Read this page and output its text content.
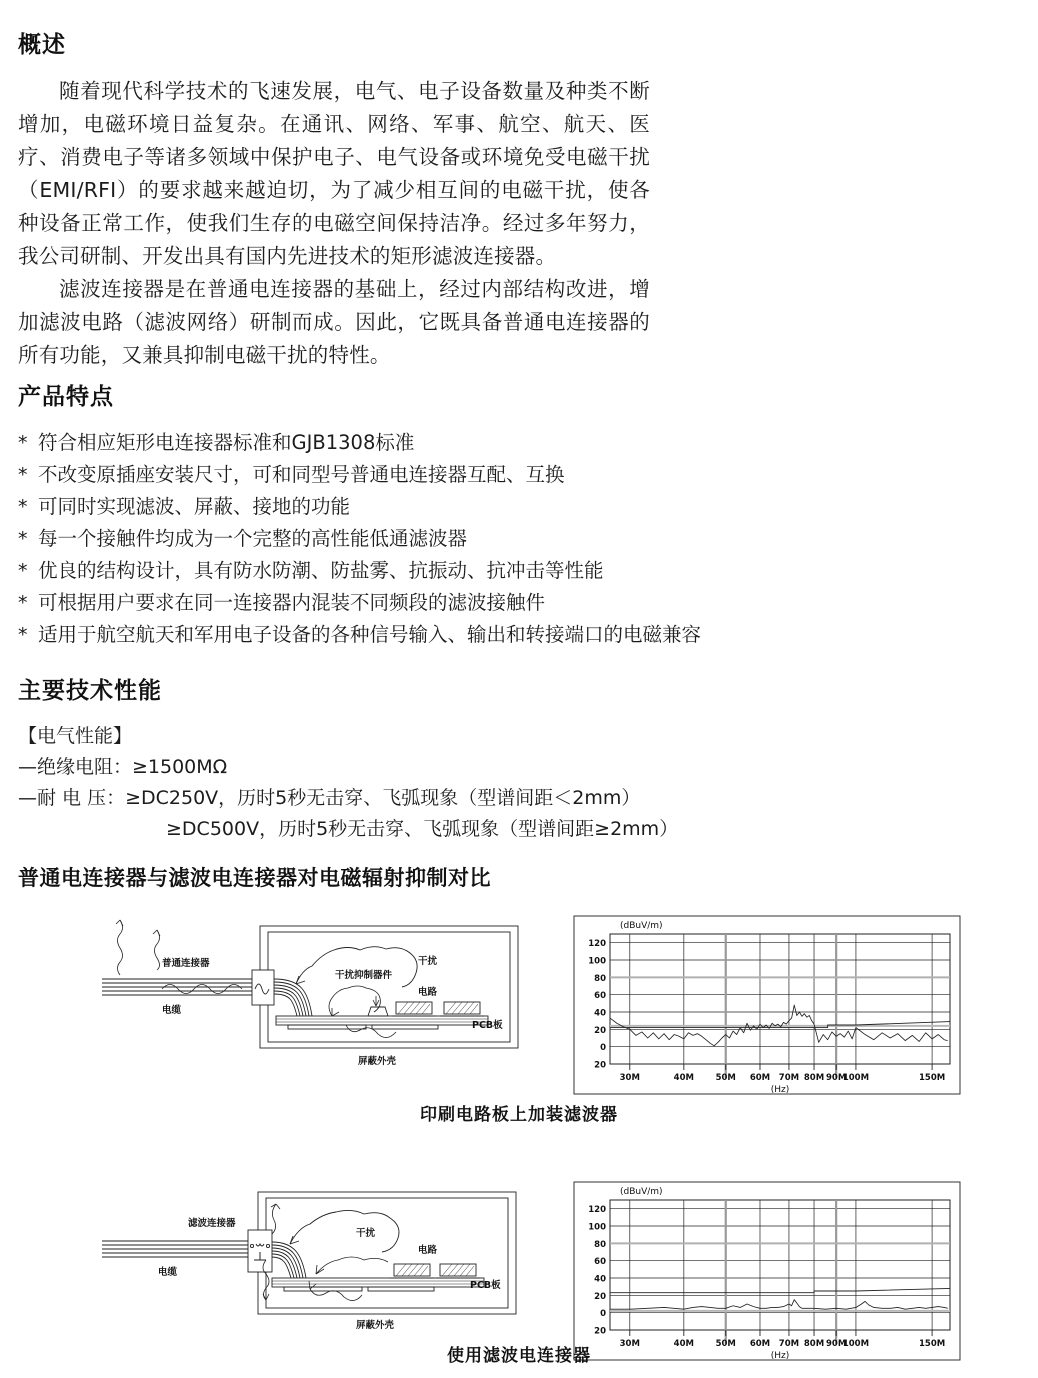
概述

随着现代科学技术的飞速发展，电气、电子设备数量及种类不断增加，电磁环境日益复杂。在通讯、网络、军事、航空、航天、医疗、消费电子等诸多领域中保护电子、电气设备或环境免受电磁干扰（EMI/RFI）的要求越来越迫切，为了减少相互间的电磁干扰，使各种设备正常工作，使我们生存的电磁空间保持洁净。经过多年努力，我公司研制、开发出具有国内先进技术的矩形滤波连接器。

滤波连接器是在普通电连接器的基础上，经过内部结构改进，增加滤波电路（滤波网络）研制而成。因此，它既具备普通电连接器的所有功能，又兼具抑制电磁干扰的特性。

产品特点
* 符合相应矩形电连接器标准和GJB1308标准
* 不改变原插座安装尺寸，可和同型号普通电连接器互配、互换
* 可同时实现滤波、屏蔽、接地的功能
* 每一个接触件均成为一个完整的高性能低通滤波器
* 优良的结构设计，具有防水防潮、防盐雾、抗振动、抗冲击等性能
* 可根据用户要求在同一连接器内混装不同频段的滤波接触件
* 适用于航空航天和军用电子设备的各种信号输入、输出和转接端口的电磁兼容
主要技术性能
【电气性能】
—绝缘电阻：≥1500MΩ
—耐 电 压：≥DC250V，历时5秒无击穿、飞弧现象（型谱间距＜2mm）
≥DC500V，历时5秒无击穿、飞弧现象（型谱间距≥2mm）
普通电连接器与滤波电连接器对电磁辐射抑制对比
普通连接器
电缆
干扰
干扰抑制器件
电路
PCB板
屏蔽外壳
120
100
80
60
40
20
0
20
30M	40M	50M 60M 70M 80M 90M
100M	150M
(dBuV/m)
(Hz)
印刷电路板上加装滤波器
滤波连接器
电缆
干扰
电路
PCB板
屏蔽外壳
120
100
80
60
40
20
0
20
30M	40M	50M 60M 70M 80M 90M
100M	150M
(dBuV/m)
(Hz)
使用滤波电连接器
